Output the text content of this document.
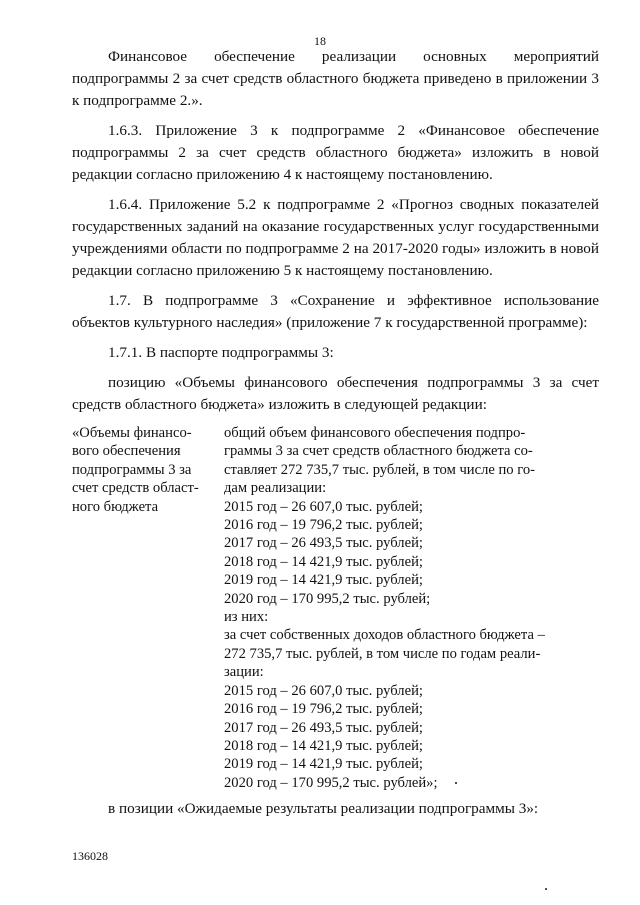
18

Финансовое обеспечение реализации основных мероприятий подпрограммы 2 за счет средств областного бюджета приведено в приложении 3 к подпрограмме 2.».

1.6.3. Приложение 3 к подпрограмме 2 «Финансовое обеспечение подпрограммы 2 за счет средств областного бюджета» изложить в новой редакции согласно приложению 4 к настоящему постановлению.

1.6.4. Приложение 5.2 к подпрограмме 2 «Прогноз сводных показателей государственных заданий на оказание государственных услуг государственными учреждениями области по подпрограмме 2 на 2017-2020 годы» изложить в новой редакции согласно приложению 5 к настоящему постановлению.

1.7. В подпрограмме 3 «Сохранение и эффективное использование объектов культурного наследия» (приложение 7 к государственной программе):

1.7.1. В паспорте подпрограммы 3:

позицию «Объемы финансового обеспечения подпрограммы 3 за счет средств областного бюджета» изложить в следующей редакции:

«Объемы финансо-
вого обеспечения
подпрограммы 3 за
счет средств област-
ного бюджета
общий объем финансового обеспечения подпро-
граммы 3 за счет средств областного бюджета со-
ставляет 272 735,7 тыс. рублей, в том числе по го-
дам реализации:
2015 год – 26 607,0 тыс. рублей;
2016 год – 19 796,2 тыс. рублей;
2017 год – 26 493,5 тыс. рублей;
2018 год – 14 421,9 тыс. рублей;
2019 год – 14 421,9 тыс. рублей;
2020 год – 170 995,2 тыс. рублей;
из них:
за счет собственных доходов областного бюджета –
272 735,7 тыс. рублей, в том числе по годам реали-
зации:
2015 год – 26 607,0 тыс. рублей;
2016 год – 19 796,2 тыс. рублей;
2017 год – 26 493,5 тыс. рублей;
2018 год – 14 421,9 тыс. рублей;
2019 год – 14 421,9 тыс. рублей;
2020 год – 170 995,2 тыс. рублей»;

в позиции «Ожидаемые результаты реализации подпрограммы 3»:

136028
